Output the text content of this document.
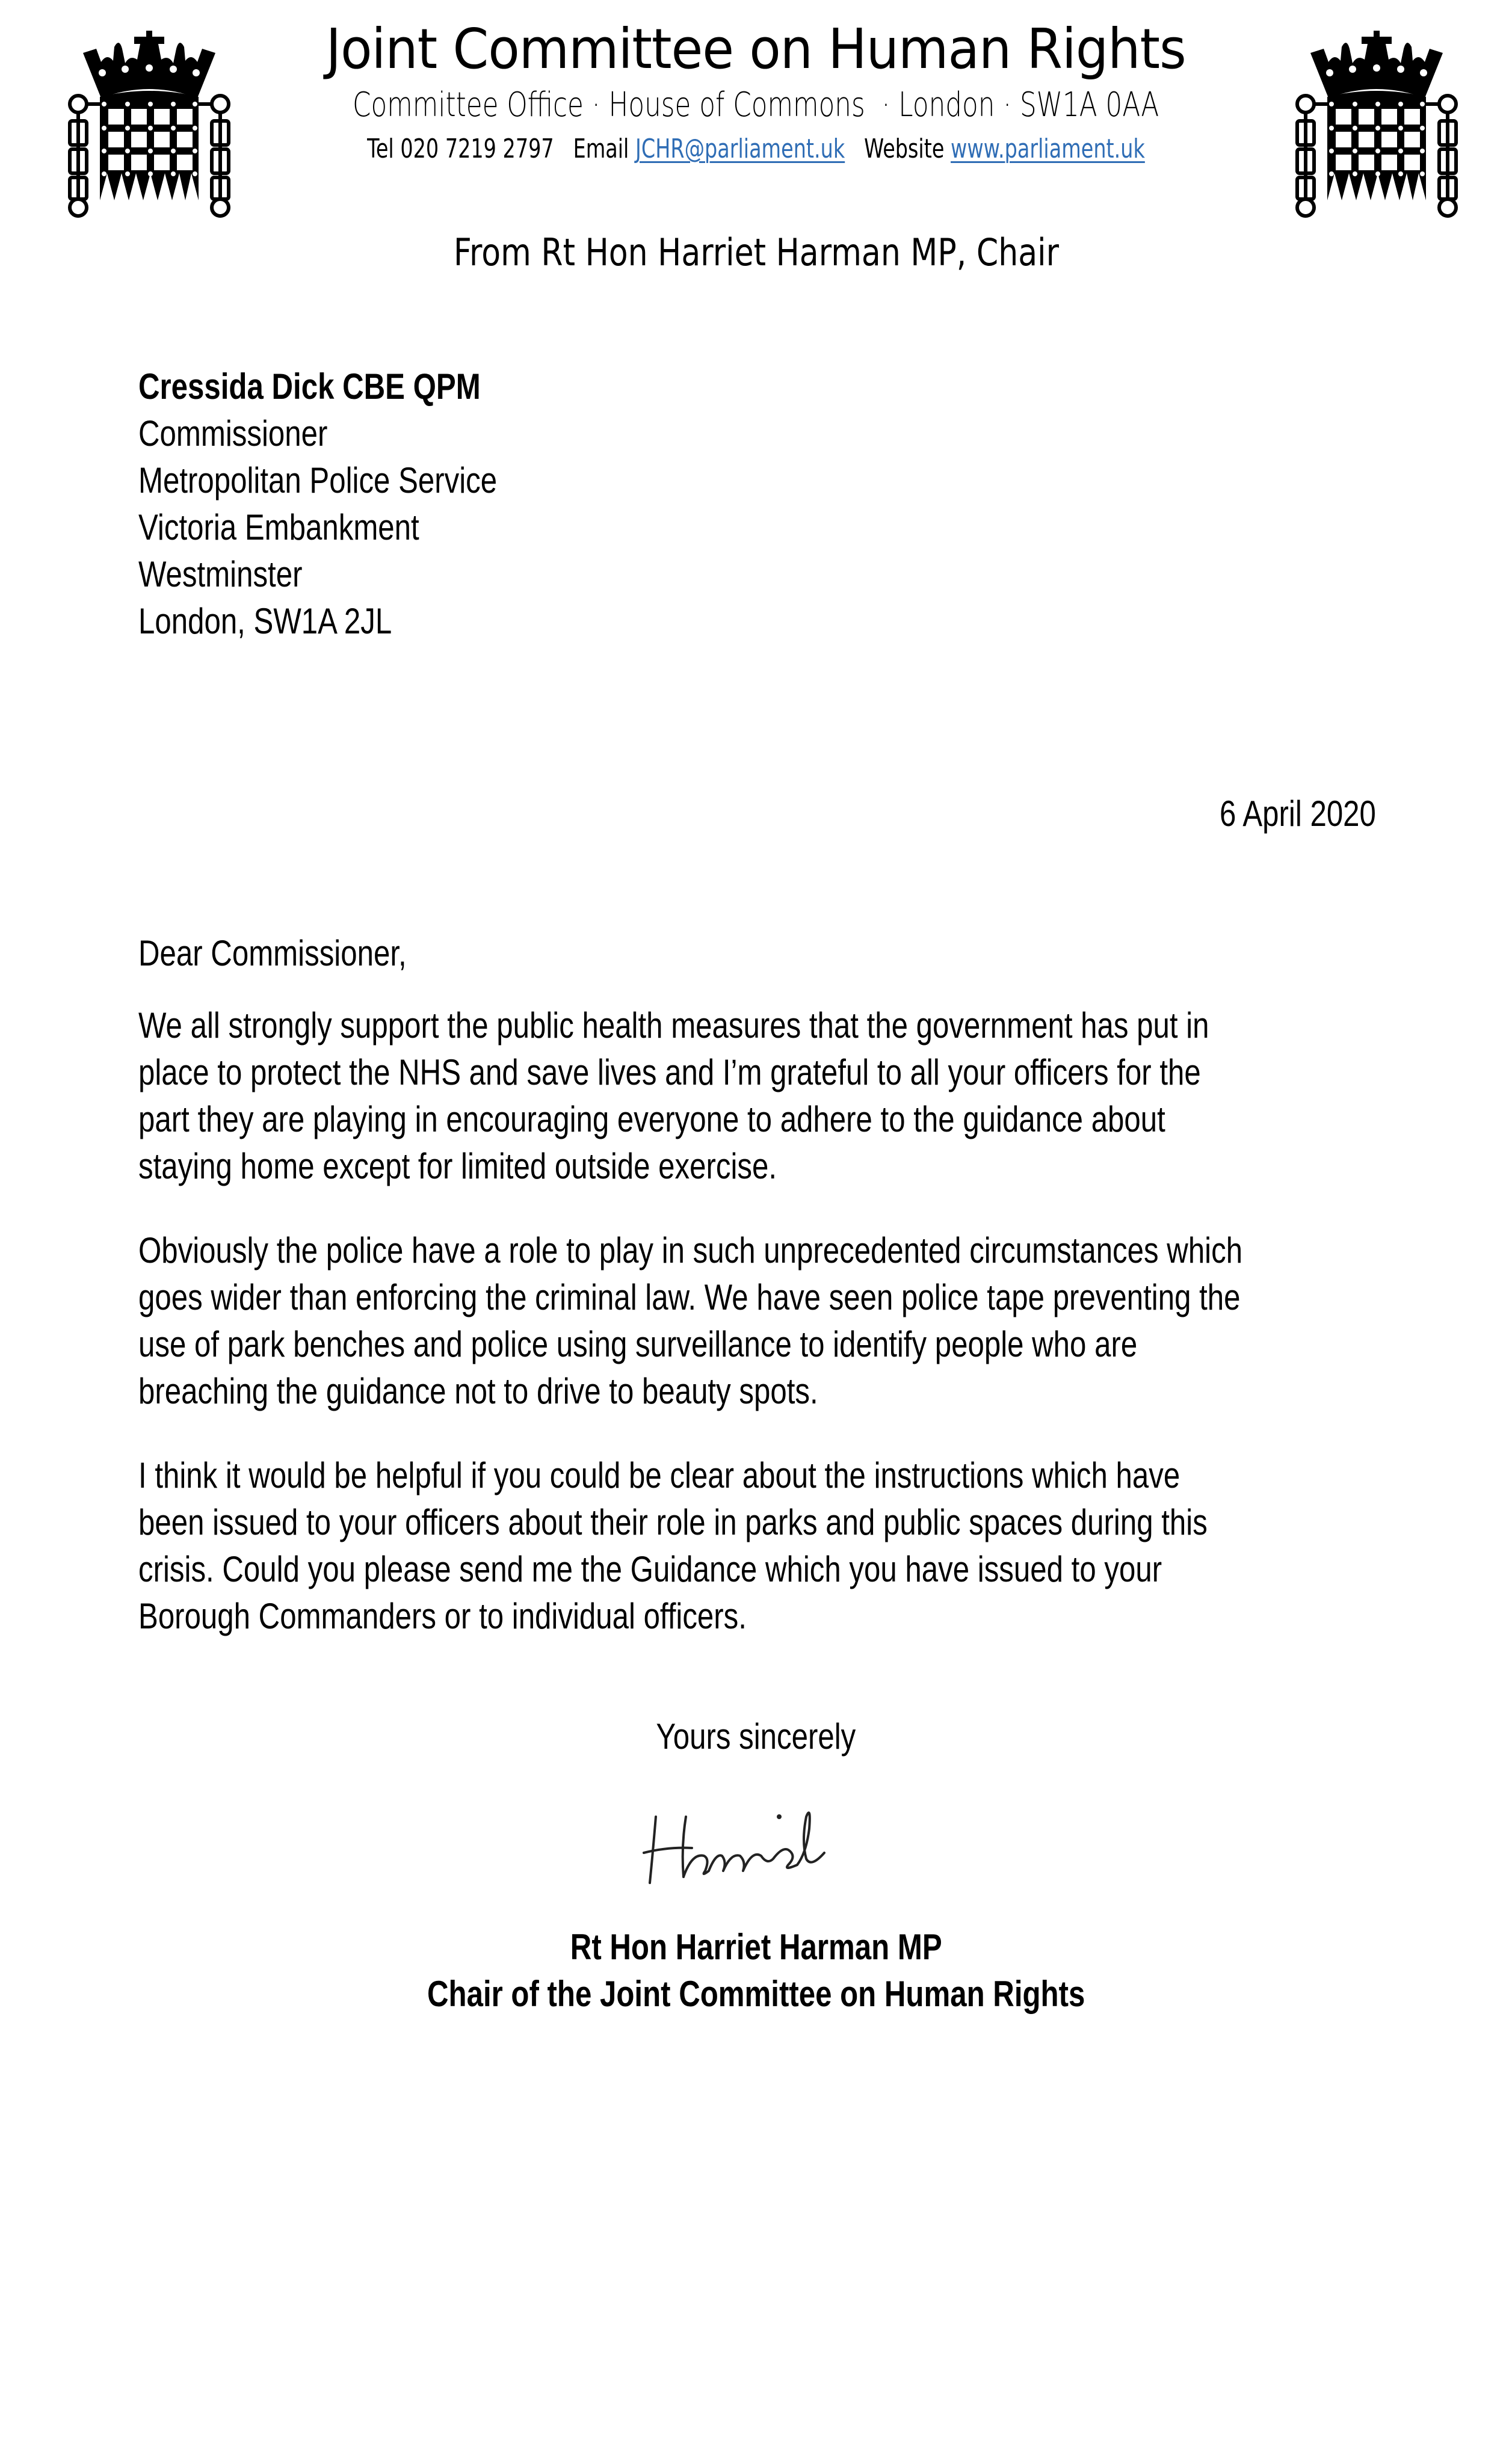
Joint Committee on Human Rights
Committee Office · House of Commons  · London · SW1A 0AA
Tel 020 7219 2797 Email JCHR@parliament.uk Website www.parliament.uk
From Rt Hon Harriet Harman MP, Chair
Cressida Dick CBE QPM
Commissioner
Metropolitan Police Service
Victoria Embankment
Westminster
London, SW1A 2JL
6 April 2020
Dear Commissioner,
We all strongly support the public health measures that the government has put in
place to protect the NHS and save lives and I’m grateful to all your officers for the
part they are playing in encouraging everyone to adhere to the guidance about
staying home except for limited outside exercise.
Obviously the police have a role to play in such unprecedented circumstances which
goes wider than enforcing the criminal law. We have seen police tape preventing the
use of park benches and police using surveillance to identify people who are
breaching the guidance not to drive to beauty spots.
I think it would be helpful if you could be clear about the instructions which have
been issued to your officers about their role in parks and public spaces during this
crisis. Could you please send me the Guidance which you have issued to your
Borough Commanders or to individual officers.
Yours sincerely
Rt Hon Harriet Harman MP
Chair of the Joint Committee on Human Rights
